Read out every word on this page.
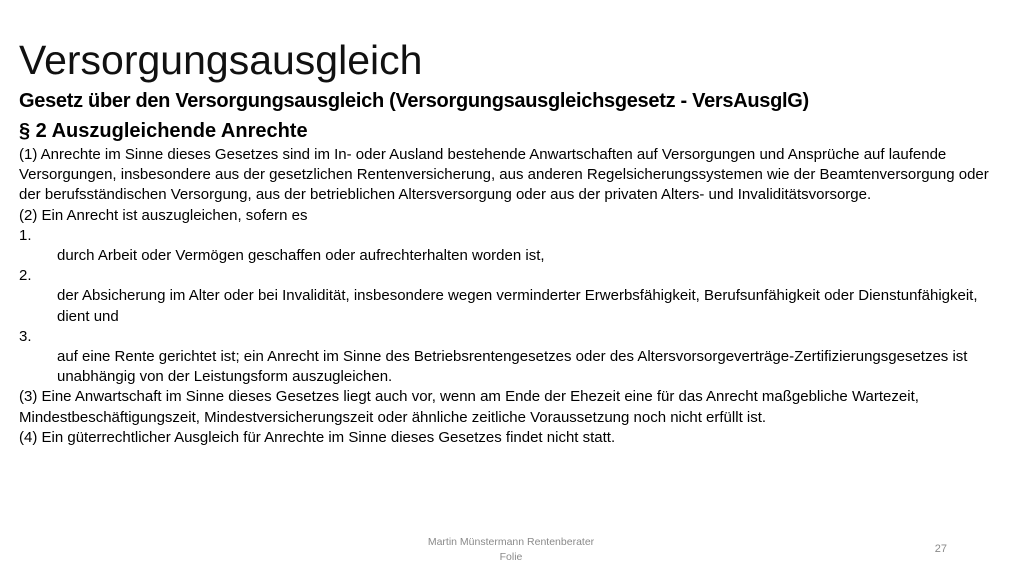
Versorgungsausgleich
Gesetz über den Versorgungsausgleich (Versorgungsausgleichsgesetz - VersAusglG)
§ 2 Auszugleichende Anrechte

(1) Anrechte im Sinne dieses Gesetzes sind im In- oder Ausland bestehende Anwartschaften auf Versorgungen und Ansprüche auf laufende Versorgungen, insbesondere aus der gesetzlichen Rentenversicherung, aus anderen Regelsicherungssystemen wie der Beamtenversorgung oder der berufsständischen Versorgung, aus der betrieblichen Altersversorgung oder aus der privaten Alters- und Invaliditätsvorsorge.

(2) Ein Anrecht ist auszugleichen, sofern es

1.

durch Arbeit oder Vermögen geschaffen oder aufrechterhalten worden ist,

2.

der Absicherung im Alter oder bei Invalidität, insbesondere wegen verminderter Erwerbsfähigkeit, Berufsunfähigkeit oder Dienstunfähigkeit, dient und

3.

auf eine Rente gerichtet ist; ein Anrecht im Sinne des Betriebsrentengesetzes oder des Altersvorsorgeverträge-Zertifizierungsgesetzes ist unabhängig von der Leistungsform auszugleichen.

(3) Eine Anwartschaft im Sinne dieses Gesetzes liegt auch vor, wenn am Ende der Ehezeit eine für das Anrecht maßgebliche Wartezeit, Mindestbeschäftigungszeit, Mindestversicherungszeit oder ähnliche zeitliche Voraussetzung noch nicht erfüllt ist.

(4) Ein güterrechtlicher Ausgleich für Anrechte im Sinne dieses Gesetzes findet nicht statt.

Martin Münstermann Rentenberater
Folie
27
